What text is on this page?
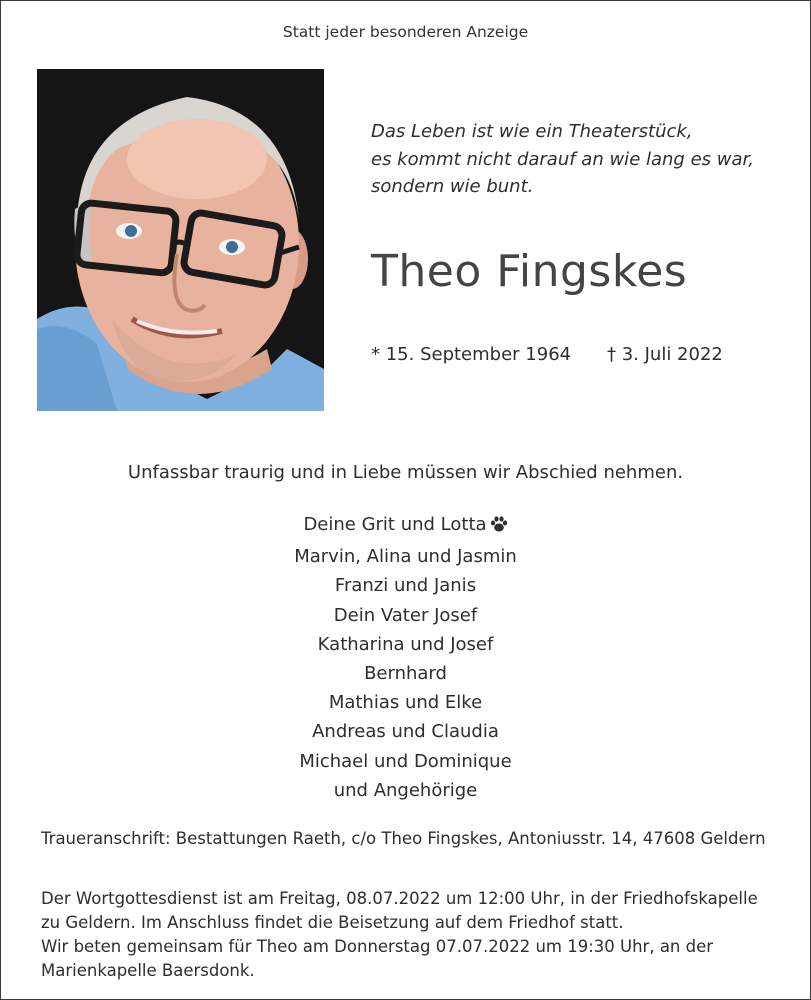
Statt jeder besonderen Anzeige
Das Leben ist wie ein Theaterstück,
es kommt nicht darauf an wie lang es war,
sondern wie bunt.
Theo Fingskes
* 15. September 1964 † 3. Juli 2022
Unfassbar traurig und in Liebe müssen wir Abschied nehmen.
Deine Grit und Lotta
Marvin, Alina und Jasmin
Franzi und Janis
Dein Vater Josef
Katharina und Josef
Bernhard
Mathias und Elke
Andreas und Claudia
Michael und Dominique
und Angehörige
Traueranschrift: Bestattungen Raeth, c/o Theo Fingskes, Antoniusstr. 14, 47608 Geldern
Der Wortgottesdienst ist am Freitag, 08.07.2022 um 12:00 Uhr, in der Friedhofskapelle
zu Geldern. Im Anschluss findet die Beisetzung auf dem Friedhof statt.
Wir beten gemeinsam für Theo am Donnerstag 07.07.2022 um 19:30 Uhr, an der
Marienkapelle Baersdonk.
